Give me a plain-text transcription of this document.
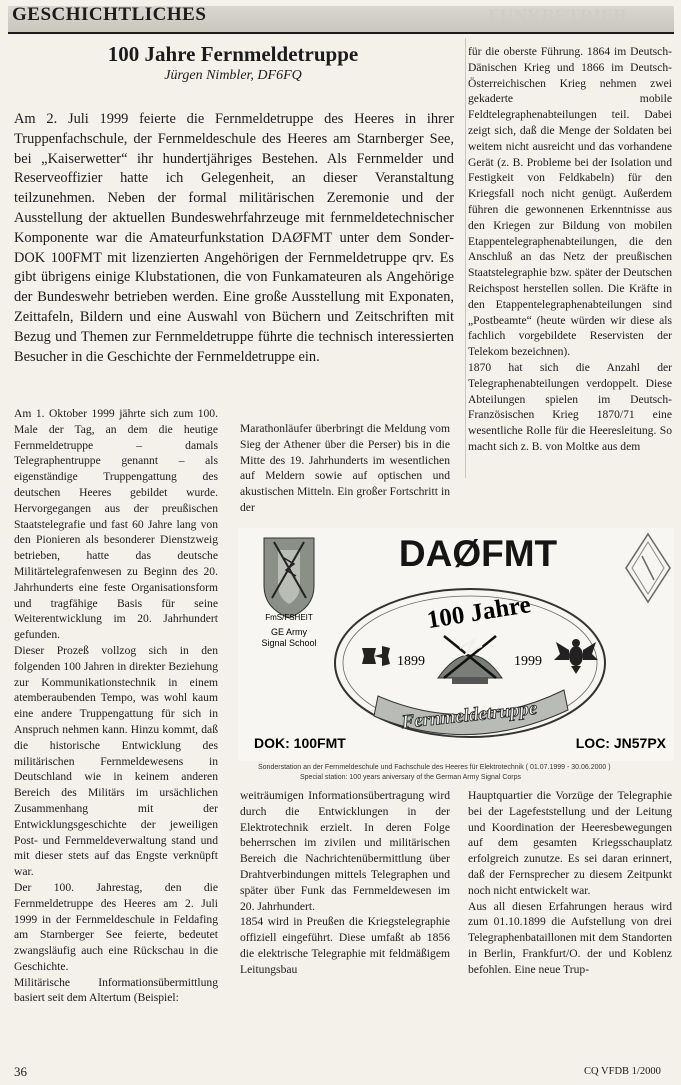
FUNKBETRIEB
GESCHICHTLICHES
100 Jahre Fernmeldetruppe
Jürgen Nimbler, DF6FQ
Am 2. Juli 1999 feierte die Fernmeldetruppe des Heeres in ihrer Truppenfachschule, der Fernmeldeschule des Heeres am Starnberger See, bei „Kaiserwetter“ ihr hundertjähriges Bestehen. Als Fernmelder und Reserveoffizier hatte ich Gelegenheit, an dieser Veranstaltung teilzunehmen. Neben der formal militärischen Zeremonie und der Ausstellung der aktuellen Bundeswehrfahrzeuge mit fernmeldetechnischer Komponente war die Amateurfunkstation DAØFMT unter dem Sonder-DOK 100FMT mit lizenzierten Angehörigen der Fernmeldetruppe qrv. Es gibt übrigens einige Klubstationen, die von Funkamateuren als Angehörige der Bundeswehr betrieben werden. Eine große Ausstellung mit Exponaten, Zeittafeln, Bildern und eine Auswahl von Büchern und Zeitschriften mit Bezug und Themen zur Fernmeldetruppe führte die technisch interessierten Besucher in die Geschichte der Fernmeldetruppe ein.

Am 1. Oktober 1999 jährte sich zum 100. Male der Tag, an dem die heutige Fernmeldetruppe – damals Telegraphentruppe genannt – als eigenständige Truppengattung des deutschen Heeres gebildet wurde. Hervorgegangen aus der preußischen Staatstelegrafie und fast 60 Jahre lang von den Pionieren als besonderer Dienstzweig betrieben, hatte das deutsche Militärtelegrafenwesen zu Beginn des 20. Jahrhunderts eine feste Organisationsform und tragfähige Basis für seine Weiterentwicklung im 20. Jahrhundert gefunden.

Dieser Prozeß vollzog sich in den folgenden 100 Jahren in direkter Beziehung zur Kommunikationstechnik in einem atemberaubenden Tempo, was wohl kaum eine andere Truppengattung für sich in Anspruch nehmen kann. Hinzu kommt, daß die historische Entwicklung des militärischen Fernmeldewesens in Deutschland wie in keinem anderen Bereich des Militärs im ursächlichen Zusammenhang mit der Entwicklungsgeschichte der jeweiligen Post- und Fernmeldeverwaltung stand und mit dieser stets auf das Engste verknüpft war.

Der 100. Jahrestag, den die Fernmeldetruppe des Heeres am 2. Juli 1999 in der Fernmeldeschule in Feldafing am Starnberger See feierte, bedeutet zwangsläufig auch eine Rückschau in die Geschichte.

Militärische Informationsübermittlung basiert seit dem Altertum (Beispiel:

Marathonläufer überbringt die Meldung vom Sieg der Athener über die Perser) bis in die Mitte des 19. Jahrhunderts im wesentlichen auf Meldern sowie auf optischen und akustischen Mitteln. Ein großer Fortschritt in der

für die oberste Führung. 1864 im Deutsch-Dänischen Krieg und 1866 im Deutsch-Österreichischen Krieg nehmen zwei gekaderte mobile Feldtelegraphenabteilungen teil. Dabei zeigt sich, daß die Menge der Soldaten bei weitem nicht ausreicht und das vorhandene Gerät (z. B. Probleme bei der Isolation und Festigkeit von Feldkabeln) für den Kriegsfall noch nicht genügt. Außerdem führen die gewonnenen Erkenntnisse aus den Kriegen zur Bildung von mobilen Etappentelegraphenabteilungen, die den Anschluß an das Netz der preußischen Staatstelegraphie bzw. später der Deutschen Reichspost herstellen sollen. Die Kräfte in den Etappentelegraphenabteilungen sind „Postbeamte“ (heute würden wir diese als fachlich vorgebildete Reservisten der Telekom bezeichnen).

1870 hat sich die Anzahl der Telegraphenabteilungen verdoppelt. Diese Abteilungen spielen im Deutsch-Französischen Krieg 1870/71 eine wesentliche Rolle für die Heeresleitung. So macht sich z. B. von Moltke aus dem

weiträumigen Informationsübertragung wird durch die Entwicklungen in der Elektrotechnik erzielt. In deren Folge beherrschen im zivilen und militärischen Bereich die Nachrichtenübermittlung über Drahtverbindungen mittels Telegraphen und später über Funk das Fernmeldewesen im 20. Jahrhundert.

1854 wird in Preußen die Kriegstelegraphie offiziell eingeführt. Diese umfaßt ab 1856 die elektrische Telegraphie mit feldmäßigem Leitungsbau

Hauptquartier die Vorzüge der Telegraphie bei der Lagefeststellung und der Leitung und Koordination der Heeresbewegungen auf dem gesamten Kriegsschauplatz erfolgreich zunutze. Es sei daran erinnert, daß der Fernsprecher zu diesem Zeitpunkt noch nicht entwickelt war.

Aus all diesen Erfahrungen heraus wird zum 01.10.1899 die Aufstellung von drei Telegraphenbataillonen mit dem Standorten in Berlin, Frankfurt/O. der und Koblenz befohlen. Eine neue Trup-

FmS/FSHEIT
GE Army
Signal School
DAØFMT
100 Jahre
1899	1999
Fernmeldetruppe
DOK: 100FMT	LOC: JN57PX
Sonderstation an der Fernmeldeschule und Fachschule des Heeres für Elektrotechnik ( 01.07.1999 - 30.06.2000 )
36	CQ VFDB 1/2000
Special station: 100 years aniversary of the German Army Signal Corps
